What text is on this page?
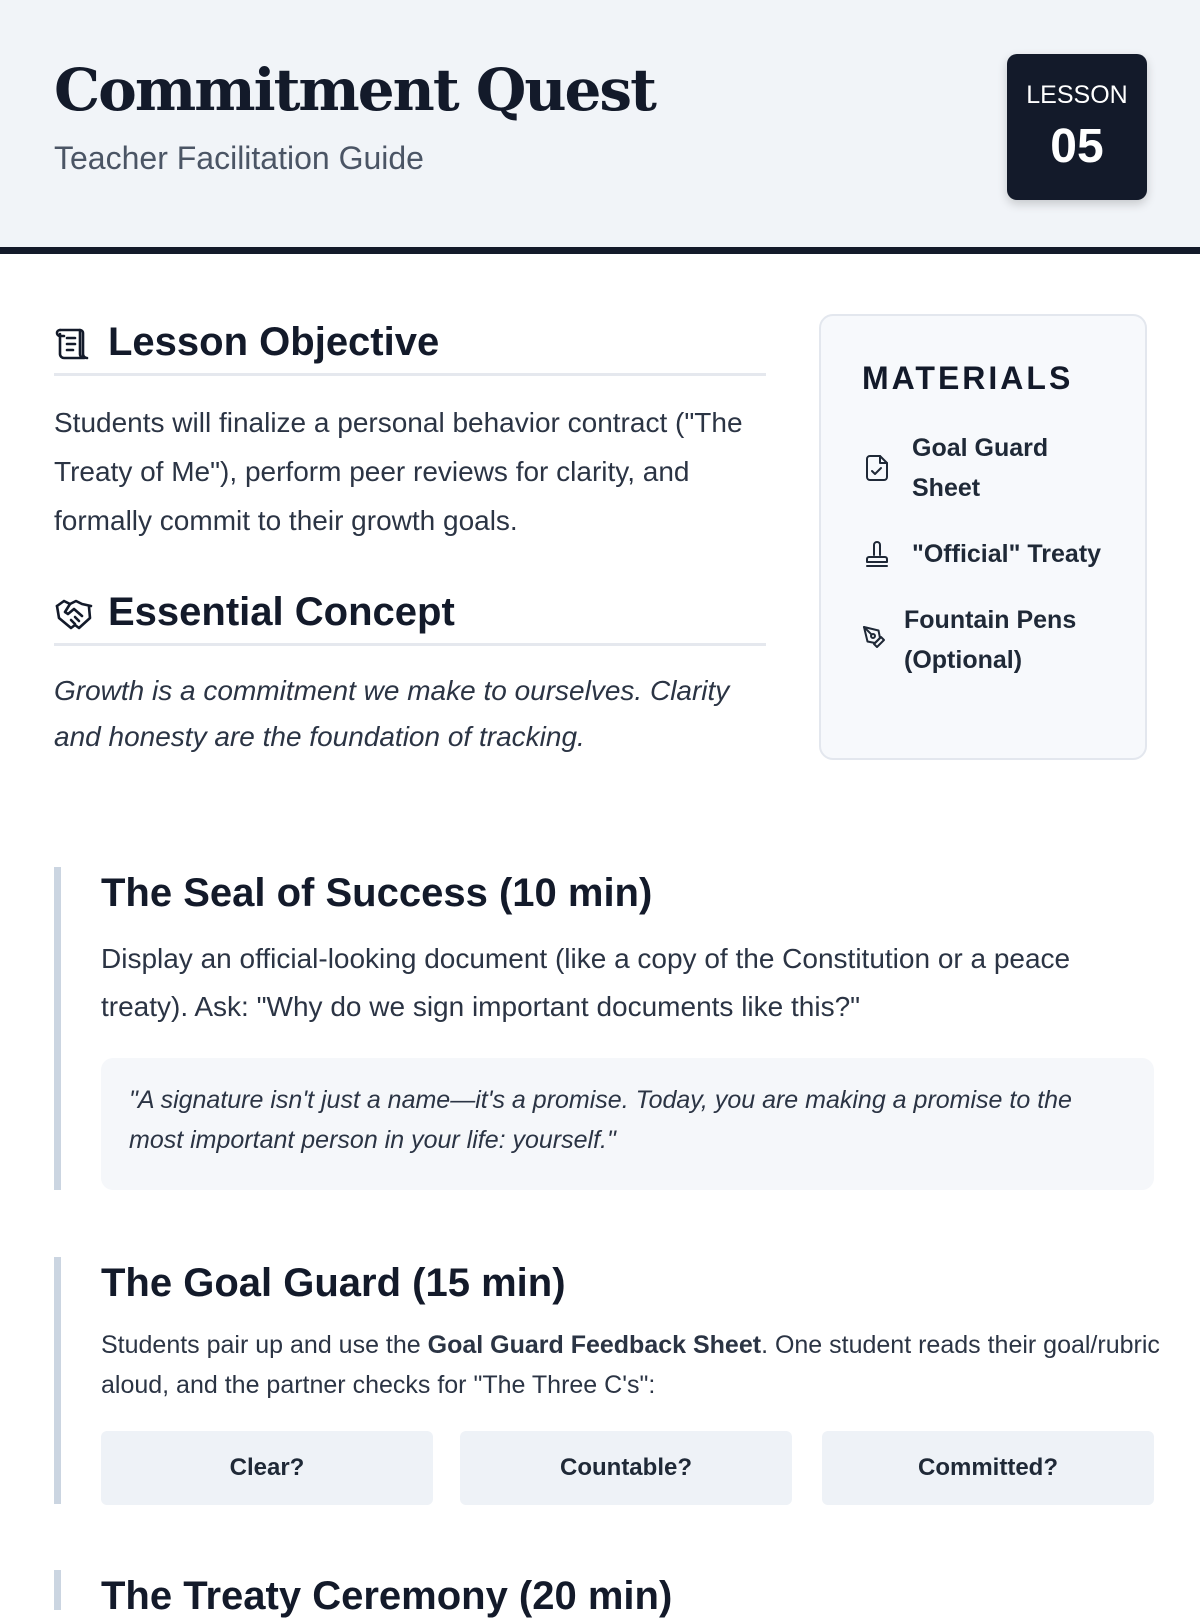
Commitment Quest
Teacher Facilitation Guide
LESSON
05
Lesson Objective
Students will finalize a personal behavior contract ("The Treaty of Me"), perform peer reviews for clarity, and formally commit to their growth goals.
Essential Concept
Growth is a commitment we make to ourselves. Clarity and honesty are the foundation of tracking.
MATERIALS
Goal Guard Sheet
"Official" Treaty
Fountain Pens (Optional)
The Seal of Success (10 min)
Display an official-looking document (like a copy of the Constitution or a peace treaty). Ask: "Why do we sign important documents like this?"
"A signature isn't just a name—it's a promise. Today, you are making a promise to the most important person in your life: yourself."
The Goal Guard (15 min)
Students pair up and use the Goal Guard Feedback Sheet. One student reads their goal/rubric aloud, and the partner checks for "The Three C's":
Clear?	Countable?	Committed?
The Treaty Ceremony (20 min)
